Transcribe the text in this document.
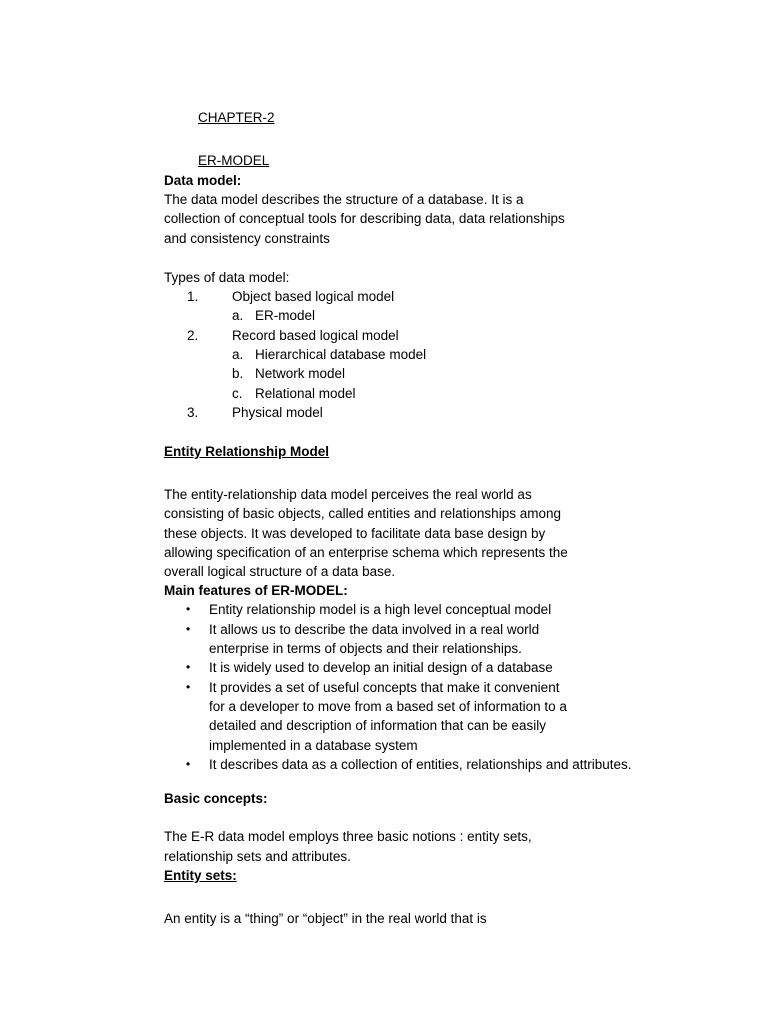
CHAPTER-2
ER-MODEL
Data model:
The data model describes the structure of a database. It is a
collection of conceptual tools for describing data, data relationships
and consistency constraints
Types of data model:
1. Object based logical model
a. ER-model
2. Record based logical model
a. Hierarchical database model
b. Network model
c. Relational model
3. Physical model
Entity Relationship Model
The entity-relationship data model perceives the real world as
consisting of basic objects, called entities and relationships among
these objects. It was developed to facilitate data base design by
allowing specification of an enterprise schema which represents the
overall logical structure of a data base.
Main features of ER-MODEL:
• Entity relationship model is a high level conceptual model
• It allows us to describe the data involved in a real world
enterprise in terms of objects and their relationships.
• It is widely used to develop an initial design of a database
• It provides a set of useful concepts that make it convenient
for a developer to move from a based set of information to a
detailed and description of information that can be easily
implemented in a database system
• It describes data as a collection of entities, relationships and attributes.
Basic concepts:
The E-R data model employs three basic notions : entity sets,
relationship sets and attributes.
Entity sets:
An entity is a “thing” or “object” in the real world that is
